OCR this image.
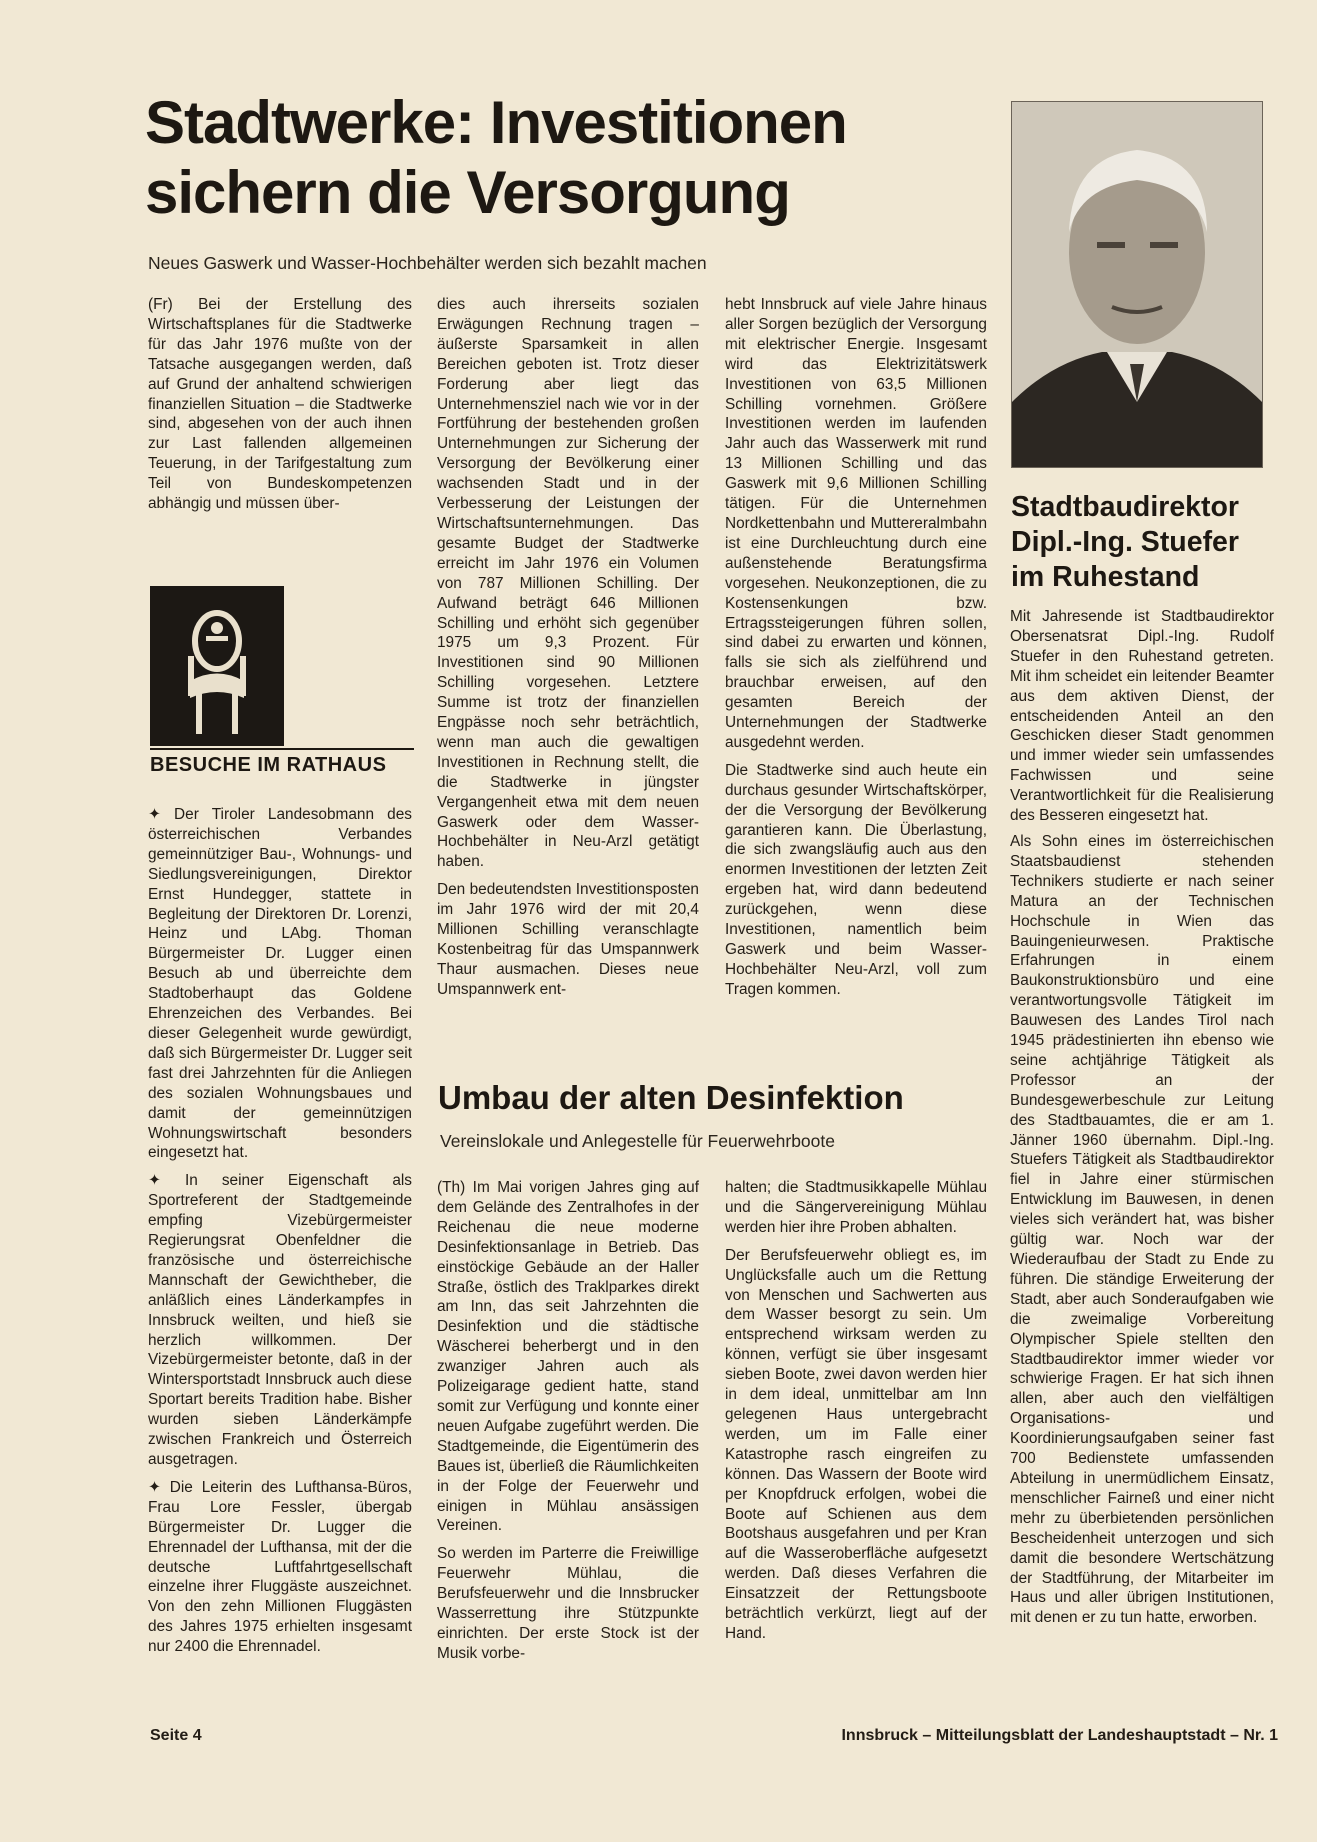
Stadtwerke: Investitionen sichern die Versorgung
Neues Gaswerk und Wasser-Hochbehälter werden sich bezahlt machen

(Fr) Bei der Erstellung des Wirtschaftsplanes für die Stadtwerke für das Jahr 1976 mußte von der Tatsache ausgegangen werden, daß auf Grund der anhaltend schwierigen finanziellen Situation – die Stadtwerke sind, abgesehen von der auch ihnen zur Last fallenden allgemeinen Teuerung, in der Tarifgestaltung zum Teil von Bundeskompetenzen abhängig und müssen über-

BESUCHE IM RATHAUS

✦ Der Tiroler Landesobmann des österreichischen Verbandes gemeinnütziger Bau-, Wohnungs- und Siedlungsvereinigungen, Direktor Ernst Hundegger, stattete in Begleitung der Direktoren Dr. Lorenzi, Heinz und LAbg. Thoman Bürgermeister Dr. Lugger einen Besuch ab und überreichte dem Stadtoberhaupt das Goldene Ehrenzeichen des Verbandes. Bei dieser Gelegenheit wurde gewürdigt, daß sich Bürgermeister Dr. Lugger seit fast drei Jahrzehnten für die Anliegen des sozialen Wohnungsbaues und damit der gemeinnützigen Wohnungswirtschaft besonders eingesetzt hat.

✦ In seiner Eigenschaft als Sportreferent der Stadtgemeinde empfing Vizebürgermeister Regierungsrat Obenfeldner die französische und österreichische Mannschaft der Gewichtheber, die anläßlich eines Länderkampfes in Innsbruck weilten, und hieß sie herzlich willkommen. Der Vizebürgermeister betonte, daß in der Wintersportstadt Innsbruck auch diese Sportart bereits Tradition habe. Bisher wurden sieben Länderkämpfe zwischen Frankreich und Österreich ausgetragen.

✦ Die Leiterin des Lufthansa-Büros, Frau Lore Fessler, übergab Bürgermeister Dr. Lugger die Ehrennadel der Lufthansa, mit der die deutsche Luftfahrtgesellschaft einzelne ihrer Fluggäste auszeichnet. Von den zehn Millionen Fluggästen des Jahres 1975 erhielten insgesamt nur 2400 die Ehrennadel.

dies auch ihrerseits sozialen Erwägungen Rechnung tragen – äußerste Sparsamkeit in allen Bereichen geboten ist. Trotz dieser Forderung aber liegt das Unternehmensziel nach wie vor in der Fortführung der bestehenden großen Unternehmungen zur Sicherung der Versorgung der Bevölkerung einer wachsenden Stadt und in der Verbesserung der Leistungen der Wirtschaftsunternehmungen. Das gesamte Budget der Stadtwerke erreicht im Jahr 1976 ein Volumen von 787 Millionen Schilling. Der Aufwand beträgt 646 Millionen Schilling und erhöht sich gegenüber 1975 um 9,3 Prozent. Für Investitionen sind 90 Millionen Schilling vorgesehen. Letztere Summe ist trotz der finanziellen Engpässe noch sehr beträchtlich, wenn man auch die gewaltigen Investitionen in Rechnung stellt, die die Stadtwerke in jüngster Vergangenheit etwa mit dem neuen Gaswerk oder dem Wasser-Hochbehälter in Neu-Arzl getätigt haben.

Den bedeutendsten Investitionsposten im Jahr 1976 wird der mit 20,4 Millionen Schilling veranschlagte Kostenbeitrag für das Umspannwerk Thaur ausmachen. Dieses neue Umspannwerk ent-

hebt Innsbruck auf viele Jahre hinaus aller Sorgen bezüglich der Versorgung mit elektrischer Energie. Insgesamt wird das Elektrizitätswerk Investitionen von 63,5 Millionen Schilling vornehmen. Größere Investitionen werden im laufenden Jahr auch das Wasserwerk mit rund 13 Millionen Schilling und das Gaswerk mit 9,6 Millionen Schilling tätigen. Für die Unternehmen Nordkettenbahn und Muttereralmbahn ist eine Durchleuchtung durch eine außenstehende Beratungsfirma vorgesehen. Neukonzeptionen, die zu Kostensenkungen bzw. Ertragssteigerungen führen sollen, sind dabei zu erwarten und können, falls sie sich als zielführend und brauchbar erweisen, auf den gesamten Bereich der Unternehmungen der Stadtwerke ausgedehnt werden.

Die Stadtwerke sind auch heute ein durchaus gesunder Wirtschaftskörper, der die Versorgung der Bevölkerung garantieren kann. Die Überlastung, die sich zwangsläufig auch aus den enormen Investitionen der letzten Zeit ergeben hat, wird dann bedeutend zurückgehen, wenn diese Investitionen, namentlich beim Gaswerk und beim Wasser-Hochbehälter Neu-Arzl, voll zum Tragen kommen.

Stadtbaudirektor Dipl.-Ing. Stuefer im Ruhestand

Mit Jahresende ist Stadtbaudirektor Obersenatsrat Dipl.-Ing. Rudolf Stuefer in den Ruhestand getreten. Mit ihm scheidet ein leitender Beamter aus dem aktiven Dienst, der entscheidenden Anteil an den Geschicken dieser Stadt genommen und immer wieder sein umfassendes Fachwissen und seine Verantwortlichkeit für die Realisierung des Besseren eingesetzt hat.

Als Sohn eines im österreichischen Staatsbaudienst stehenden Technikers studierte er nach seiner Matura an der Technischen Hochschule in Wien das Bauingenieurwesen. Praktische Erfahrungen in einem Baukonstruktionsbüro und eine verantwortungsvolle Tätigkeit im Bauwesen des Landes Tirol nach 1945 prädestinierten ihn ebenso wie seine achtjährige Tätigkeit als Professor an der Bundesgewerbeschule zur Leitung des Stadtbauamtes, die er am 1. Jänner 1960 übernahm. Dipl.-Ing. Stuefers Tätigkeit als Stadtbaudirektor fiel in Jahre einer stürmischen Entwicklung im Bauwesen, in denen vieles sich verändert hat, was bisher gültig war. Noch war der Wiederaufbau der Stadt zu Ende zu führen. Die ständige Erweiterung der Stadt, aber auch Sonderaufgaben wie die zweimalige Vorbereitung Olympischer Spiele stellten den Stadtbaudirektor immer wieder vor schwierige Fragen. Er hat sich ihnen allen, aber auch den vielfältigen Organisations- und Koordinierungsaufgaben seiner fast 700 Bedienstete umfassenden Abteilung in unermüdlichem Einsatz, menschlicher Fairneß und einer nicht mehr zu überbietenden persönlichen Bescheidenheit unterzogen und sich damit die besondere Wertschätzung der Stadtführung, der Mitarbeiter im Haus und aller übrigen Institutionen, mit denen er zu tun hatte, erworben.

Umbau der alten Desinfektion
Vereinslokale und Anlegestelle für Feuerwehrboote

(Th) Im Mai vorigen Jahres ging auf dem Gelände des Zentralhofes in der Reichenau die neue moderne Desinfektionsanlage in Betrieb. Das einstöckige Gebäude an der Haller Straße, östlich des Traklparkes direkt am Inn, das seit Jahrzehnten die Desinfektion und die städtische Wäscherei beherbergt und in den zwanziger Jahren auch als Polizeigarage gedient hatte, stand somit zur Verfügung und konnte einer neuen Aufgabe zugeführt werden. Die Stadtgemeinde, die Eigentümerin des Baues ist, überließ die Räumlichkeiten in der Folge der Feuerwehr und einigen in Mühlau ansässigen Vereinen.

So werden im Parterre die Freiwillige Feuerwehr Mühlau, die Berufsfeuerwehr und die Innsbrucker Wasserrettung ihre Stützpunkte einrichten. Der erste Stock ist der Musik vorbe-

halten; die Stadtmusikkapelle Mühlau und die Sängervereinigung Mühlau werden hier ihre Proben abhalten.

Der Berufsfeuerwehr obliegt es, im Unglücksfalle auch um die Rettung von Menschen und Sachwerten aus dem Wasser besorgt zu sein. Um entsprechend wirksam werden zu können, verfügt sie über insgesamt sieben Boote, zwei davon werden hier in dem ideal, unmittelbar am Inn gelegenen Haus untergebracht werden, um im Falle einer Katastrophe rasch eingreifen zu können. Das Wassern der Boote wird per Knopfdruck erfolgen, wobei die Boote auf Schienen aus dem Bootshaus ausgefahren und per Kran auf die Wasseroberfläche aufgesetzt werden. Daß dieses Verfahren die Einsatzzeit der Rettungsboote beträchtlich verkürzt, liegt auf der Hand.

Seite 4	Innsbruck – Mitteilungsblatt der Landeshauptstadt – Nr. 1
